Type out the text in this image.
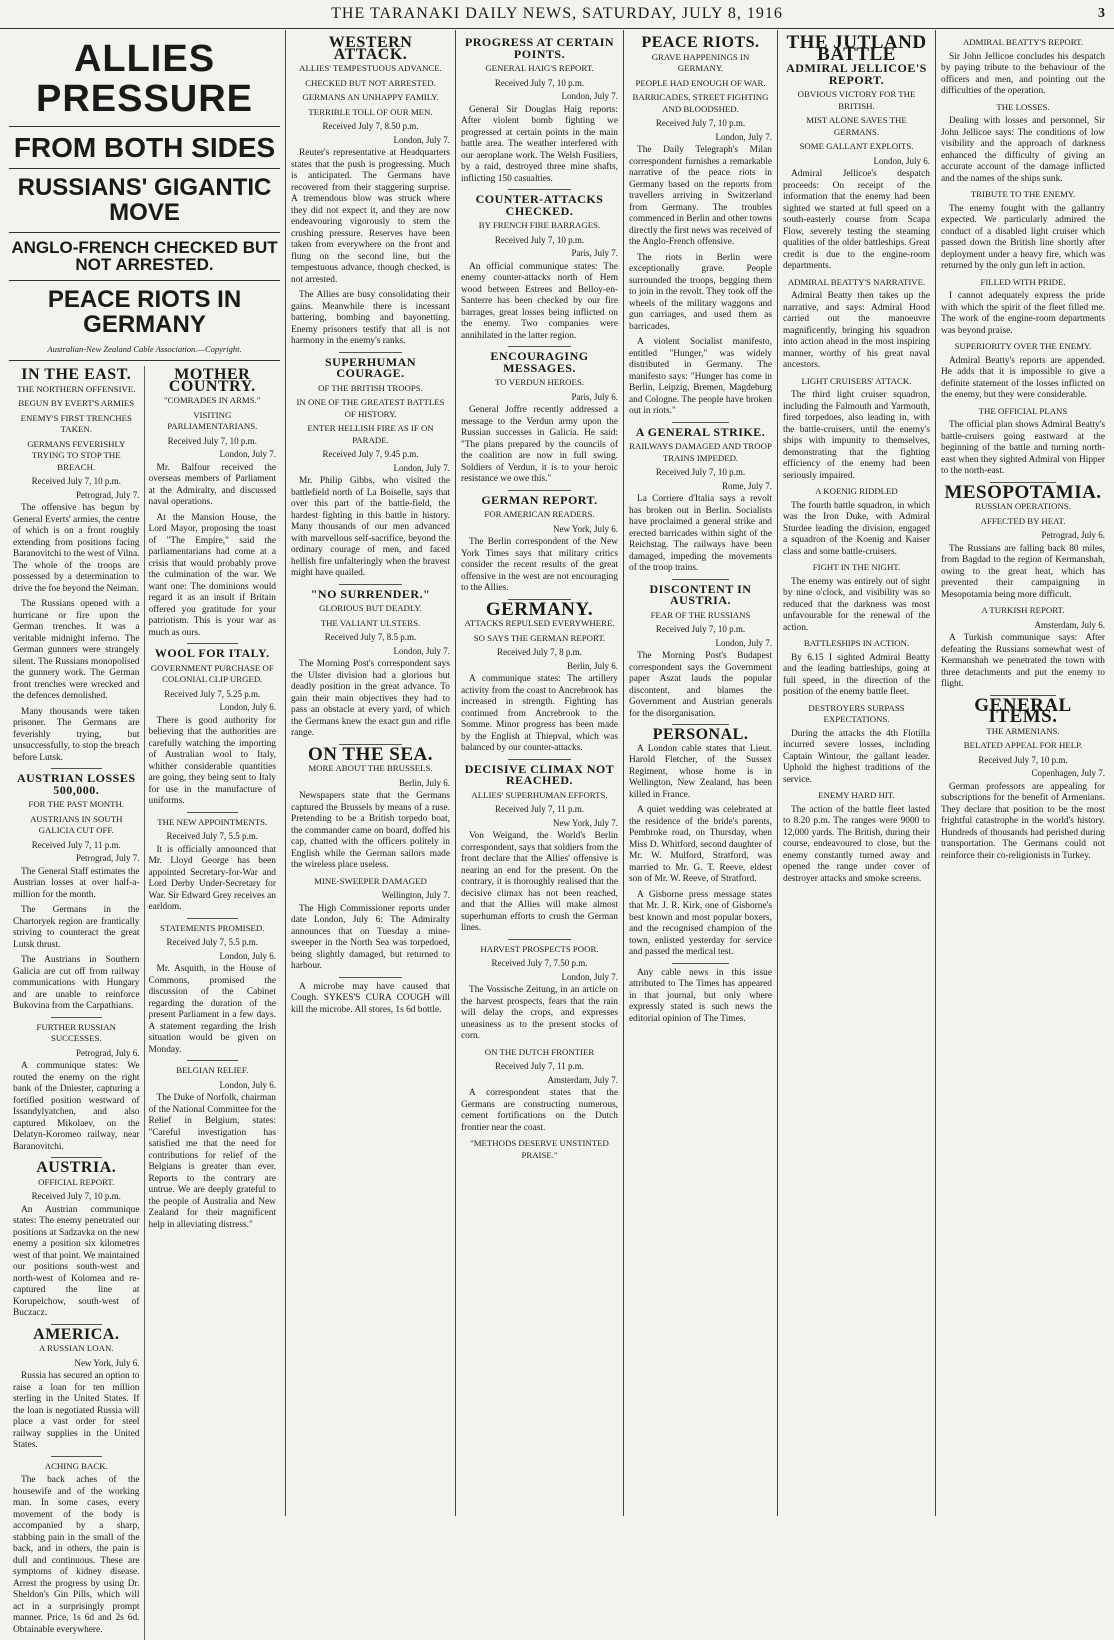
THE TARANAKI DAILY NEWS, SATURDAY, JULY 8, 1916	3
ALLIES PRESSURE
FROM BOTH SIDES
RUSSIANS' GIGANTIC MOVE
ANGLO-FRENCH CHECKED BUT NOT ARRESTED.
PEACE RIOTS IN GERMANY
Australian-New Zealand Cable Association.—Copyright.
IN THE EAST.
THE NORTHERN OFFENSIVE.
BEGUN BY EVERT'S ARMIES
ENEMY'S FIRST TRENCHES TAKEN.
GERMANS FEVERISHLY TRYING TO STOP THE BREACH.
Received July 7, 10 p.m.
Petrograd, July 7.

The offensive has begun by General Everts' armies, the centre of which is on a front roughly extending from positions facing Baranovitchi to the west of Vilna. The whole of the troops are possessed by a determination to drive the foe beyond the Neiman.

The Russians opened with a hurricane or fire upon the German trenches. It was a veritable midnight inferno. The German gunners were strangely silent. The Russians monopolised the gunnery work. The German front trenches were wrecked and the defences demolished.

Many thousands were taken prisoner. The Germans are feverishly trying, but unsuccessfully, to stop the breach before Lutsk.

AUSTRIAN LOSSES 500,000.
FOR THE PAST MONTH.
AUSTRIANS IN SOUTH GALICIA CUT OFF.
Received July 7, 11 p.m.
Petrograd, July 7.

The General Staff estimates the Austrian losses at over half-a-million for the month.

The Germans in the Chartoryek region are frantically striving to counteract the great Lutsk thrust.

The Austrians in Southern Galicia are cut off from railway communications with Hungary and are unable to reinforce Bukovina from the Carpathians.

FURTHER RUSSIAN SUCCESSES.
Petrograd, July 6.

A communique states: We routed the enemy on the right bank of the Dniester, capturing a fortified position westward of Issandylyatchen, and also captured Mikolaev, on the Delatyn-Koromeo railway, near Baranovitchi.

AUSTRIA.
OFFICIAL REPORT.
Received July 7, 10 p.m.

An Austrian communique states: The enemy penetrated our positions at Sadzavka on the new enemy a position six kilometres west of that point. We maintained our positions south-west and north-west of Kolomea and re-captured the line at Korupelchow, south-west of Buczacz.

AMERICA.
A RUSSIAN LOAN.
New York, July 6.

Russia has secured an option to raise a loan for ten million sterling in the United States. If the loan is negotiated Russia will place a vast order for steel railway supplies in the United States.

ACHING BACK.

The back aches of the housewife and of the working man. In some cases, every movement of the body is accompanied by a sharp, stabbing pain in the small of the back, and in others, the pain is dull and continuous. These are symptoms of kidney disease. Arrest the progress by using Dr. Sheldon's Gin Pills, which will act in a surprisingly prompt manner. Price, 1s 6d and 2s 6d. Obtainable everywhere.

MOTHER COUNTRY.
"COMRADES IN ARMS."
VISITING PARLIAMENTARIANS.
Received July 7, 10 p.m.
London, July 7.

Mr. Balfour received the overseas members of Parliament at the Admiralty, and discussed naval operations.

At the Mansion House, the Lord Mayor, proposing the toast of "The Empire," said the parliamentarians had come at a crisis that would probably prove the culmination of the war. We want one: The dominions would regard it as an insult if Britain offered you gratitude for your patriotism. This is your war as much as ours.

WOOL FOR ITALY.
GOVERNMENT PURCHASE OF COLONIAL CLIP URGED.
Received July 7, 5.25 p.m.
London, July 6.

There is good authority for believing that the authorities are carefully watching the importing of Australian wool to Italy, whither considerable quantities are going, they being sent to Italy for use in the manufacture of uniforms.

THE NEW APPOINTMENTS.
Received July 7, 5.5 p.m.

It is officially announced that Mr. Lloyd George has been appointed Secretary-for-War and Lord Derby Under-Secretary for War. Sir Edward Grey receives an earldom.

STATEMENTS PROMISED.
Received July 7, 5.5 p.m.
London, July 6.

Mr. Asquith, in the House of Commons, promised the discussion of the Cabinet regarding the duration of the present Parliament in a few days. A statement regarding the Irish situation would be given on Monday.

BELGIAN RELIEF.
London, July 6.

The Duke of Norfolk, chairman of the National Committee for the Relief in Belgium, states: "Careful investigation has satisfied me that the need for contributions for relief of the Belgians is greater than ever. Reports to the contrary are untrue. We are deeply grateful to the people of Australia and New Zealand for their magnificent help in alleviating distress."

WESTERN ATTACK.
ALLIES' TEMPESTUOUS ADVANCE.
CHECKED BUT NOT ARRESTED.
GERMANS AN UNHAPPY FAMILY.
TERRIBLE TOLL OF OUR MEN.
Received July 7, 8.50 p.m.
London, July 7.

Reuter's representative at Headquarters states that the push is progressing. Much is anticipated. The Germans have recovered from their staggering surprise. A tremendous blow was struck where they did not expect it, and they are now endeavouring vigorously to stem the crushing pressure. Reserves have been taken from everywhere on the front and flung on the second line, but the tempestuous advance, though checked, is not arrested.

The Allies are busy consolidating their gains. Meanwhile there is incessant battering, bombing and bayonetting. Enemy prisoners testify that all is not harmony in the enemy's ranks.

SUPERHUMAN COURAGE.
OF THE BRITISH TROOPS.
IN ONE OF THE GREATEST BATTLES OF HISTORY.
ENTER HELLISH FIRE AS IF ON PARADE.
Received July 7, 9.45 p.m.
London, July 7.

Mr. Philip Gibbs, who visited the battlefield north of La Boiselle, says that over this part of the battle-field, the hardest fighting in this battle in history. Many thousands of our men advanced with marvellous self-sacrifice, beyond the ordinary courage of men, and faced hellish fire unfalteringly when the bravest might have quailed.

"NO SURRENDER."
GLORIOUS BUT DEADLY.
THE VALIANT ULSTERS.
Received July 7, 8.5 p.m.
London, July 7.

The Morning Post's correspondent says the Ulster division had a glorious but deadly position in the great advance. To gain their main objectives they had to pass an obstacle at every yard, of which the Germans knew the exact gun and rifle range.

ON THE SEA.
MORE ABOUT THE BRUSSELS.
Berlin, July 6.

Newspapers state that the Germans captured the Brussels by means of a ruse. Pretending to be a British torpedo boat, the commander came on board, doffed his cap, chatted with the officers politely in English while the German sailors made the wireless place useless.

MINE-SWEEPER DAMAGED
Wellington, July 7.

The High Commissioner reports under date London, July 6: The Admiralty announces that on Tuesday a mine-sweeper in the North Sea was torpedoed, being slightly damaged, but returned to harbour.

A microbe may have caused that Cough. SYKES'S CURA COUGH will kill the microbe. All stores, 1s 6d bottle.

PROGRESS AT CERTAIN POINTS.
GENERAL HAIG'S REPORT.
Received July 7, 10 p.m.
London, July 7.

General Sir Douglas Haig reports: After violent bomb fighting we progressed at certain points in the main battle area. The weather interfered with our aeroplane work. The Welsh Fusiliers, by a raid, destroyed three mine shafts, inflicting 150 casualties.

COUNTER-ATTACKS CHECKED.
BY FRENCH FIRE BARRAGES.
Received July 7, 10 p.m.
Paris, July 7.

An official communique states: The enemy counter-attacks north of Hem wood between Estrees and Belloy-en-Santerre has been checked by our fire barrages, great losses being inflicted on the enemy. Two companies were annihilated in the latter region.

ENCOURAGING MESSAGES.
TO VERDUN HEROES.
Paris, July 6.

General Joffre recently addressed a message to the Verdun army upon the Russian successes in Galicia. He said: "The plans prepared by the councils of the coalition are now in full swing. Soldiers of Verdun, it is to your heroic resistance we owe this."

GERMAN REPORT.
FOR AMERICAN READERS.
New York, July 6.

The Berlin correspondent of the New York Times says that military critics consider the recent results of the great offensive in the west are not encouraging to the Allies.

GERMANY.
ATTACKS REPULSED EVERYWHERE.
SO SAYS THE GERMAN REPORT.
Received July 7, 8 p.m.
Berlin, July 6.

A communique states: The artillery activity from the coast to Ancrebrook has increased in strength. Fighting has continued from Ancrebrook to the Somme. Minor progress has been made by the English at Thiepval, which was balanced by our counter-attacks.

DECISIVE CLIMAX NOT REACHED.
ALLIES' SUPERHUMAN EFFORTS.
Received July 7, 11 p.m.
New York, July 7.

Von Weigand, the World's Berlin correspondent, says that soldiers from the front declare that the Allies' offensive is nearing an end for the present. On the contrary, it is thoroughly realised that the decisive climax has not been reached, and that the Allies will make almost superhuman efforts to crush the German lines.

HARVEST PROSPECTS POOR.
Received July 7, 7.50 p.m.
London, July 7.

The Vossische Zeitung, in an article on the harvest prospects, fears that the rain will delay the crops, and expresses uneasiness as to the present stocks of corn.

ON THE DUTCH FRONTIER
Received July 7, 11 p.m.
Amsterdam, July 7.

A correspondent states that the Germans are constructing numerous, cement fortifications on the Dutch frontier near the coast.

"METHODS DESERVE UNSTINTED PRAISE."
PEACE RIOTS.
GRAVE HAPPENINGS IN GERMANY.
PEOPLE HAD ENOUGH OF WAR.
BARRICADES, STREET FIGHTING AND BLOODSHED.
Received July 7, 10 p.m.
London, July 7.

The Daily Telegraph's Milan correspondent furnishes a remarkable narrative of the peace riots in Germany based on the reports from travellers arriving in Switzerland from Germany. The troubles commenced in Berlin and other towns directly the first news was received of the Anglo-French offensive.

The riots in Berlin were exceptionally grave. People surrounded the troops, begging them to join in the revolt. They took off the wheels of the military waggons and gun carriages, and used them as barricades.

A violent Socialist manifesto, entitled "Hunger," was widely distributed in Germany. The manifesto says: "Hunger has come in Berlin, Leipzig, Bremen, Magdeburg and Cologne. The people have broken out in riots."

A GENERAL STRIKE.
RAILWAYS DAMAGED AND TROOP TRAINS IMPEDED.
Received July 7, 10 p.m.
Rome, July 7.

La Corriere d'Italia says a revolt has broken out in Berlin. Socialists have proclaimed a general strike and erected barricades within sight of the Reichstag. The railways have been damaged, impeding the movements of the troop trains.

DISCONTENT IN AUSTRIA.
FEAR OF THE RUSSIANS
Received July 7, 10 p.m.
London, July 7.

The Morning Post's Budapest correspondent says the Government paper Aszat lauds the popular discontent, and blames the Government and Austrian generals for the disorganisation.

PERSONAL.

A London cable states that Lieut. Harold Fletcher, of the Sussex Regiment, whose home is in Wellington, New Zealand, has been killed in France.

A quiet wedding was celebrated at the residence of the bride's parents, Pembroke road, on Thursday, when Miss D. Whitford, second daughter of Mr. W. Mulford, Stratford, was married to Mr. G. T. Reeve, eldest son of Mr. W. Reeve, of Stratford.

A Gisborne press message states that Mr. J. R. Kirk, one of Gisborne's best known and most popular boxers, and the recognised champion of the town, enlisted yesterday for service and passed the medical test.

Any cable news in this issue attributed to The Times has appeared in that journal, but only where expressly stated is such news the editorial opinion of The Times.

THE JUTLAND BATTLE
ADMIRAL JELLICOE'S REPORT.
OBVIOUS VICTORY FOR THE BRITISH.
MIST ALONE SAVES THE GERMANS.
SOME GALLANT EXPLOITS.
London, July 6.

Admiral Jellicoe's despatch proceeds: On receipt of the information that the enemy had been sighted we started at full speed on a south-easterly course from Scapa Flow, severely testing the steaming qualities of the older battleships. Great credit is due to the engine-room departments.

ADMIRAL BEATTY'S NARRATIVE.

Admiral Beatty then takes up the narrative, and says: Admiral Hood carried out the manoeuvre magnificently, bringing his squadron into action ahead in the most inspiring manner, worthy of his great naval ancestors.

LIGHT CRUISERS' ATTACK.

The third light cruiser squadron, including the Falmouth and Yarmouth, fired torpedoes, also leading in, with the battle-cruisers, until the enemy's ships with impunity to themselves, demonstrating that the fighting efficiency of the enemy had been seriously impaired.

A KOENIG RIDDLED

The fourth battle squadron, in which was the Iron Duke, with Admiral Sturdee leading the division, engaged a squadron of the Koenig and Kaiser class and some battle-cruisers.

FIGHT IN THE NIGHT.

The enemy was entirely out of sight by nine o'clock, and visibility was so reduced that the darkness was most unfavourable for the renewal of the action.

BATTLESHIPS IN ACTION.

By 6.15 I sighted Admiral Beatty and the leading battleships, going at full speed, in the direction of the position of the enemy battle fleet.

DESTROYERS SURPASS EXPECTATIONS.

During the attacks the 4th Flotilla incurred severe losses, including Captain Wintour, the gallant leader. Uphold the highest traditions of the service.

ENEMY HARD HIT.

The action of the battle fleet lasted to 8.20 p.m. The ranges were 9000 to 12,000 yards. The British, during their course, endeavoured to close, but the enemy constantly turned away and opened the range under cover of destroyer attacks and smoke screens.

ADMIRAL BEATTY'S REPORT.

Sir John Jellicoe concludes his despatch by paying tribute to the behaviour of the officers and men, and pointing out the difficulties of the operation.

THE LOSSES.

Dealing with losses and personnel, Sir John Jellicoe says: The conditions of low visibility and the approach of darkness enhanced the difficulty of giving an accurate account of the damage inflicted and the names of the ships sunk.

TRIBUTE TO THE ENEMY.

The enemy fought with the gallantry expected. We particularly admired the conduct of a disabled light cruiser which passed down the British line shortly after deployment under a heavy fire, which was returned by the only gun left in action.

FILLED WITH PRIDE.

I cannot adequately express the pride with which the spirit of the fleet filled me. The work of the engine-room departments was beyond praise.

SUPERIORITY OVER THE ENEMY.

Admiral Beatty's reports are appended. He adds that it is impossible to give a definite statement of the losses inflicted on the enemy, but they were considerable.

THE OFFICIAL PLANS

The official plan shows Admiral Beatty's battle-cruisers going eastward at the beginning of the battle and turning north-east when they sighted Admiral von Hipper to the north-east.

MESOPOTAMIA.
RUSSIAN OPERATIONS.
AFFECTED BY HEAT.
Petrograd, July 6.

The Russians are falling back 80 miles, from Bagdad to the region of Kermanshah, owing to the great heat, which has prevented their campaigning in Mesopotamia being more difficult.

A TURKISH REPORT.
Amsterdam, July 6.

A Turkish communique says: After defeating the Russians somewhat west of Kermanshah we penetrated the town with three detachments and put the enemy to flight.

GENERAL ITEMS.
THE ARMENIANS.
BELATED APPEAL FOR HELP.
Received July 7, 10 p.m.
Copenhagen, July 7.

German professors are appealing for subscriptions for the benefit of Armenians. They declare that position to be the most frightful catastrophe in the world's history. Hundreds of thousands had perished during transportation. The Germans could not reinforce their co-religionists in Turkey.
